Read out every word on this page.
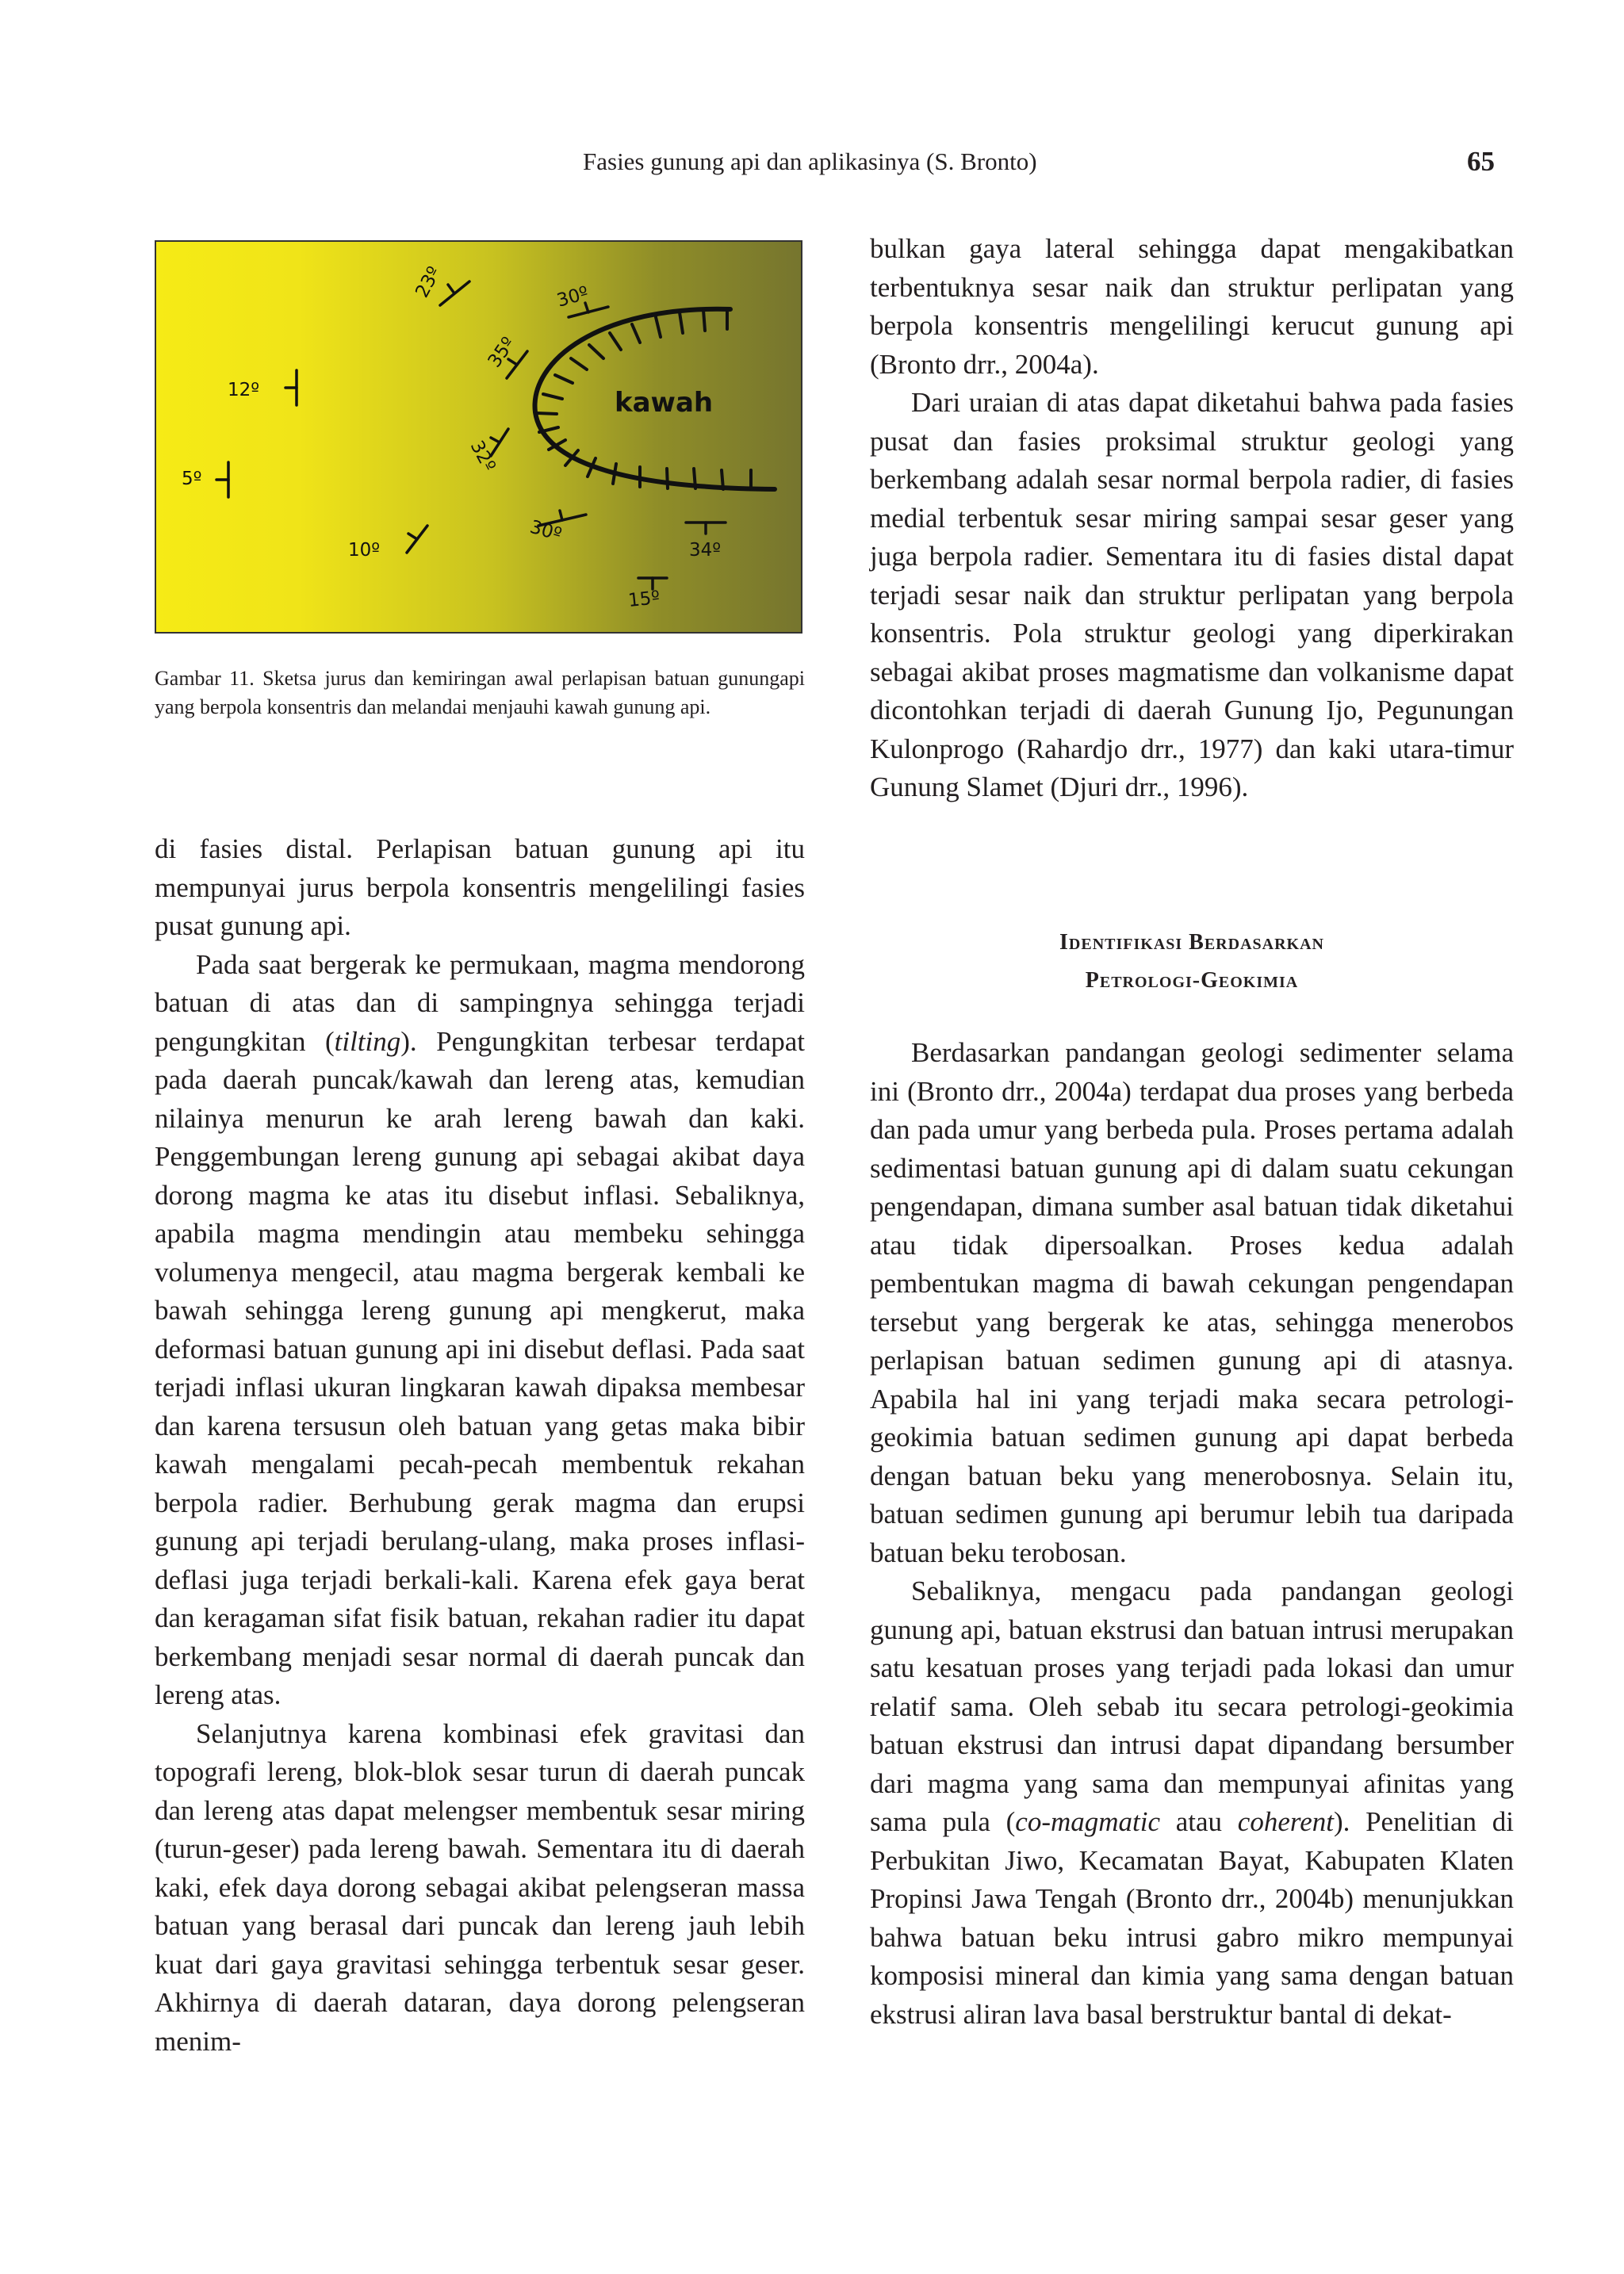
Fasies gunung api dan aplikasinya (S. Bronto)	65
23º	30º
35º
12º
5º
32º
30º
34º
10º
15º
kawah
Gambar 11. Sketsa jurus dan kemiringan awal perlapisan batuan gunungapi yang berpola konsentris dan melandai menjauhi kawah gunung api.

di fasies distal. Perlapisan batuan gunung api itu mempunyai jurus berpola konsentris mengelilingi fasies pusat gunung api.

Pada saat bergerak ke permukaan, magma mendorong batuan di atas dan di sampingnya sehingga terjadi pengungkitan (tilting). Pengungkitan terbesar terdapat pada daerah puncak/kawah dan lereng atas, kemudian nilainya menurun ke arah lereng bawah dan kaki. Penggembungan lereng gunung api sebagai akibat daya dorong magma ke atas itu disebut inflasi. Sebaliknya, apabila magma mendingin atau membeku sehingga volumenya mengecil, atau magma bergerak kembali ke bawah sehingga lereng gunung api mengkerut, maka deformasi batuan gunung api ini disebut deflasi. Pada saat terjadi inflasi ukuran lingkaran kawah dipaksa membesar dan karena tersusun oleh batuan yang getas maka bibir kawah mengalami pecah-pecah membentuk rekahan berpola radier. Berhubung gerak magma dan erupsi gunung api terjadi berulang-ulang, maka proses inflasi-deflasi juga terjadi berkali-kali. Karena efek gaya berat dan keragaman sifat fisik batuan, rekahan radier itu dapat berkembang menjadi sesar normal di daerah puncak dan lereng atas.

Selanjutnya karena kombinasi efek gravitasi dan topografi lereng, blok-blok sesar turun di daerah puncak dan lereng atas dapat melengser membentuk sesar miring (turun-geser) pada lereng bawah. Sementara itu di daerah kaki, efek daya dorong sebagai akibat pelengseran massa batuan yang berasal dari puncak dan lereng jauh lebih kuat dari gaya gravitasi sehingga terbentuk sesar geser. Akhirnya di daerah dataran, daya dorong pelengseran menim-

bulkan gaya lateral sehingga dapat mengakibatkan terbentuknya sesar naik dan struktur perlipatan yang berpola konsentris mengelilingi kerucut gunung api (Bronto drr., 2004a).

Dari uraian di atas dapat diketahui bahwa pada fasies pusat dan fasies proksimal struktur geologi yang berkembang adalah sesar normal berpola radier, di fasies medial terbentuk sesar miring sampai sesar geser yang juga berpola radier. Sementara itu di fasies distal dapat terjadi sesar naik dan struktur perlipatan yang berpola konsentris. Pola struktur geologi yang diperkirakan sebagai akibat proses magmatisme dan volkanisme dapat dicontohkan terjadi di daerah Gunung Ijo, Pegunungan Kulonprogo (Rahardjo drr., 1977) dan kaki utara-timur Gunung Slamet (Djuri drr., 1996).

Identifikasi Berdasarkan
Petrologi-Geokimia

Berdasarkan pandangan geologi sedimenter selama ini (Bronto drr., 2004a) terdapat dua proses yang berbeda dan pada umur yang berbeda pula. Proses pertama adalah sedimentasi batuan gunung api di dalam suatu cekungan pengendapan, dimana sumber asal batuan tidak diketahui atau tidak dipersoalkan. Proses kedua adalah pembentukan magma di bawah cekungan pengendapan tersebut yang bergerak ke atas, sehingga menerobos perlapisan batuan sedimen gunung api di atasnya. Apabila hal ini yang terjadi maka secara petrologi-geokimia batuan sedimen gunung api dapat berbeda dengan batuan beku yang menerobosnya. Selain itu, batuan sedimen gunung api berumur lebih tua daripada batuan beku terobosan.

Sebaliknya, mengacu pada pandangan geologi gunung api, batuan ekstrusi dan batuan intrusi merupakan satu kesatuan proses yang terjadi pada lokasi dan umur relatif sama. Oleh sebab itu secara petrologi-geokimia batuan ekstrusi dan intrusi dapat dipandang bersumber dari magma yang sama dan mempunyai afinitas yang sama pula (co-magmatic atau coherent). Penelitian di Perbukitan Jiwo, Kecamatan Bayat, Kabupaten Klaten Propinsi Jawa Tengah (Bronto drr., 2004b) menunjukkan bahwa batuan beku intrusi gabro mikro mempunyai komposisi mineral dan kimia yang sama dengan batuan ekstrusi aliran lava basal berstruktur bantal di dekat-
